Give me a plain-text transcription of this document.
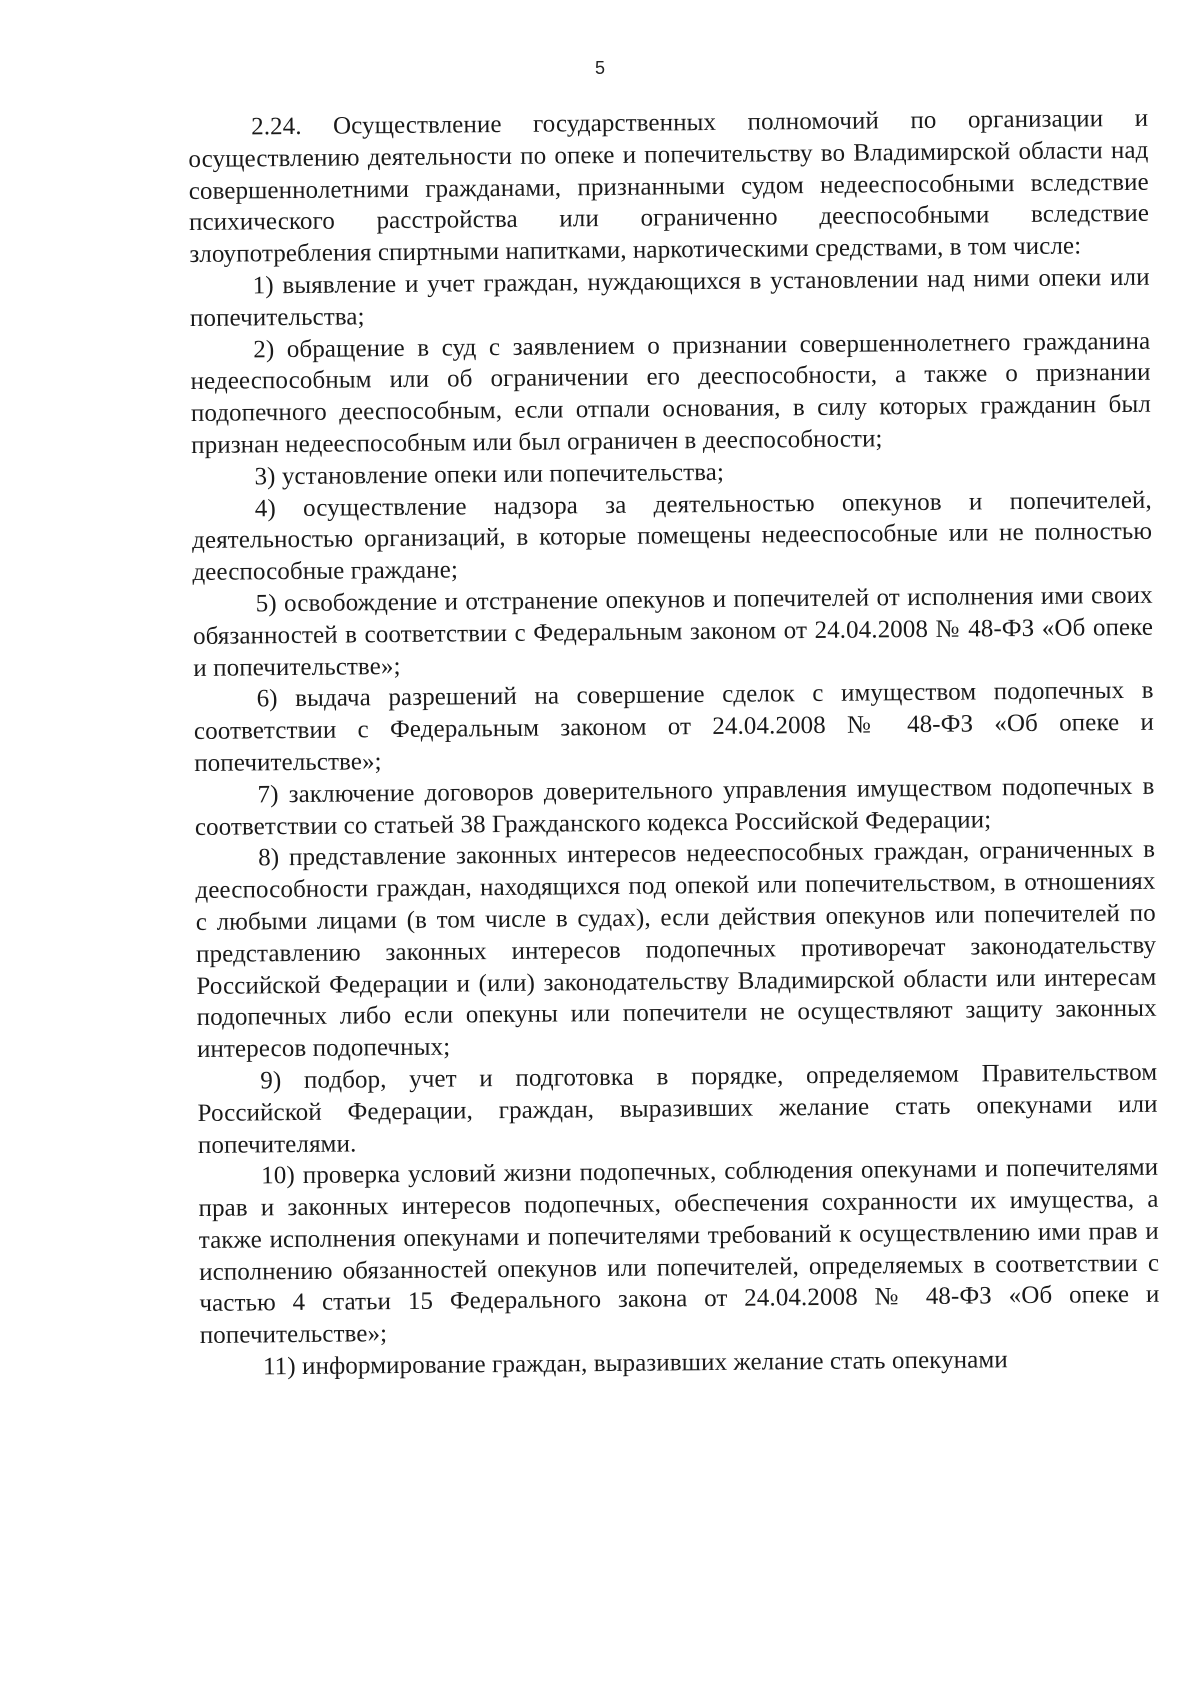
5

2.24. Осуществление государственных полномочий по организации и осуществлению деятельности по опеке и попечительству во Владимирской области над совершеннолетними гражданами, признанными судом недееспособными вследствие психического расстройства или ограниченно дееспособными вследствие злоупотребления спиртными напитками, наркотическими средствами, в том числе:

1) выявление и учет граждан, нуждающихся в установлении над ними опеки или попечительства;

2) обращение в суд с заявлением о признании совершеннолетнего гражданина недееспособным или об ограничении его дееспособности, а также о признании подопечного дееспособным, если отпали основания, в силу которых гражданин был признан недееспособным или был ограничен в дееспособности;

3) установление опеки или попечительства;

4) осуществление надзора за деятельностью опекунов и попечителей, деятельностью организаций, в которые помещены недееспособные или не полностью дееспособные граждане;

5) освобождение и отстранение опекунов и попечителей от исполнения ими своих обязанностей в соответствии с Федеральным законом от 24.04.2008 № 48-ФЗ «Об опеке и попечительстве»;

6) выдача разрешений на совершение сделок с имуществом подопечных в соответствии с Федеральным законом от 24.04.2008 № 48-ФЗ «Об опеке и попечительстве»;

7) заключение договоров доверительного управления имуществом подопечных в соответствии со статьей 38 Гражданского кодекса Российской Федерации;

8) представление законных интересов недееспособных граждан, ограниченных в дееспособности граждан, находящихся под опекой или попечительством, в отношениях с любыми лицами (в том числе в судах), если действия опекунов или попечителей по представлению законных интересов подопечных противоречат законодательству Российской Федерации и (или) законодательству Владимирской области или интересам подопечных либо если опекуны или попечители не осуществляют защиту законных интересов подопечных;

9) подбор, учет и подготовка в порядке, определяемом Правительством Российской Федерации, граждан, выразивших желание стать опекунами или попечителями.

10) проверка условий жизни подопечных, соблюдения опекунами и попечителями прав и законных интересов подопечных, обеспечения сохранности их имущества, а также исполнения опекунами и попечителями требований к осуществлению ими прав и исполнению обязанностей опекунов или попечителей, определяемых в соответствии с частью 4 статьи 15 Федерального закона от 24.04.2008 № 48-ФЗ «Об опеке и попечительстве»;

11) информирование граждан, выразивших желание стать опекунами
